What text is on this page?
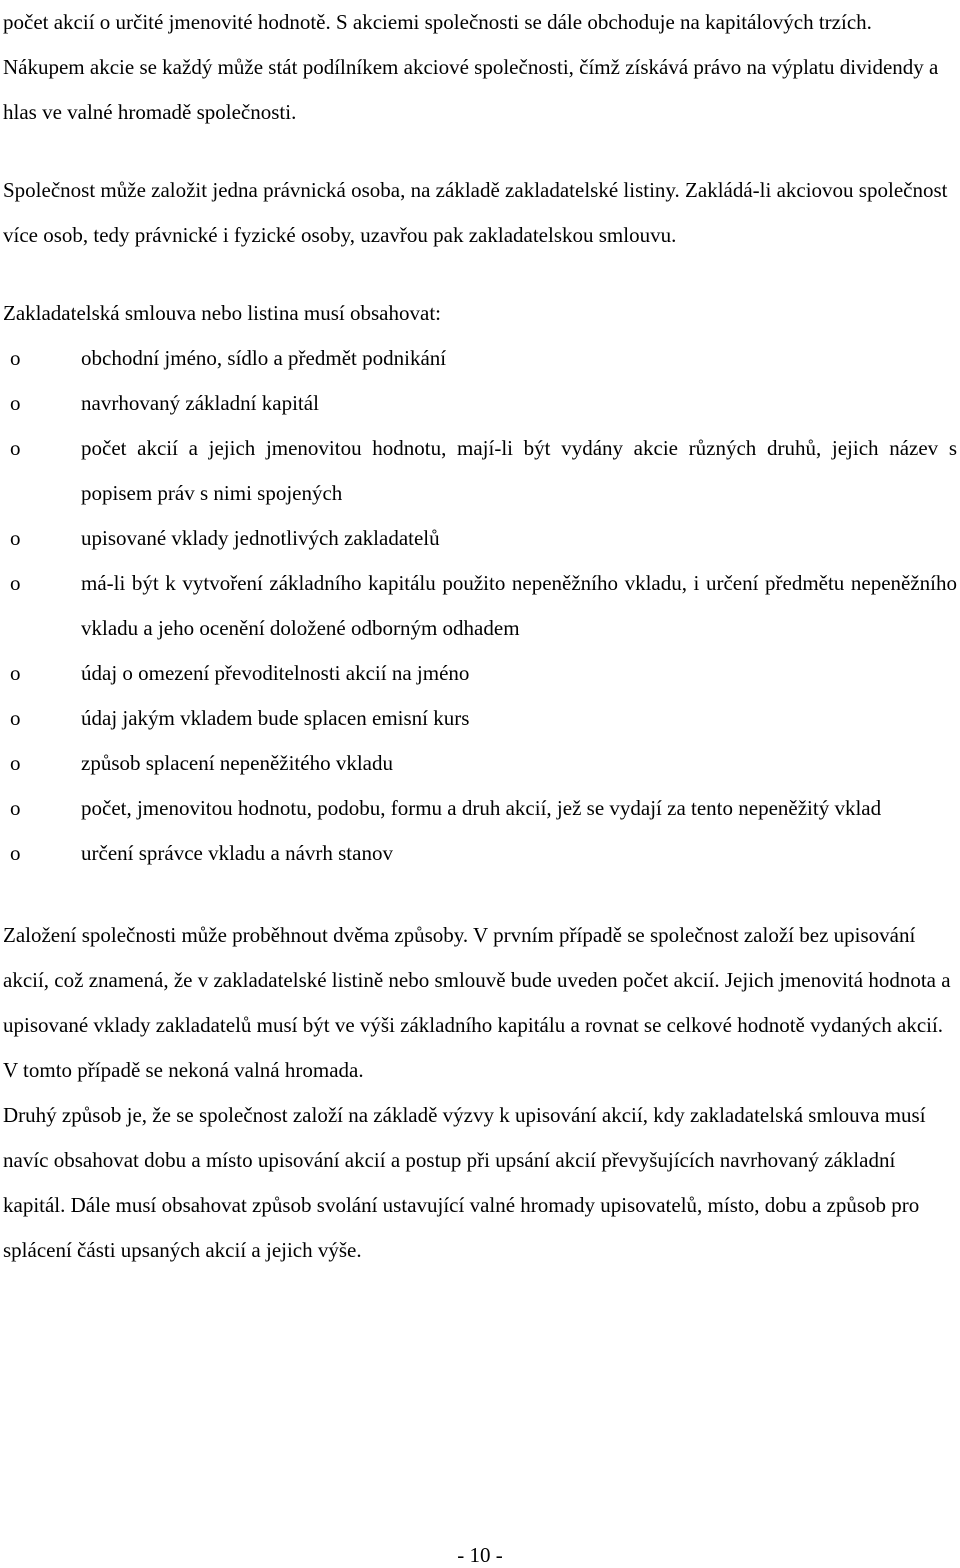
počet akcií o určité jmenovité hodnotě. S akciemi společnosti se dále obchoduje na kapitálových trzích. Nákupem akcie se každý může stát podílníkem akciové společnosti, čímž získává právo na výplatu dividendy a hlas ve valné hromadě společnosti.

Společnost může založit jedna právnická osoba, na základě zakladatelské listiny. Zakládá-li akciovou společnost více osob, tedy právnické i fyzické osoby, uzavřou pak zakladatelskou smlouvu.

Zakladatelská smlouva nebo listina musí obsahovat:

o	obchodní jméno, sídlo a předmět podnikání
o	navrhovaný základní kapitál
o	počet akcií a jejich jmenovitou hodnotu, mají-li být vydány akcie různých druhů, jejich název s popisem práv s nimi spojených
o	upisované vklady jednotlivých zakladatelů
o	má-li být k vytvoření základního kapitálu použito nepeněžního vkladu, i určení předmětu nepeněžního vkladu a jeho ocenění doložené odborným odhadem
o	údaj o omezení převoditelnosti akcií na jméno
o	údaj jakým vkladem bude splacen emisní kurs
o	způsob splacení nepeněžitého vkladu
o	počet, jmenovitou hodnotu, podobu, formu a druh akcií, jež se vydají za tento nepeněžitý vklad
o	určení správce vkladu a návrh stanov

Založení společnosti může proběhnout dvěma způsoby. V prvním případě se společnost založí bez upisování akcií, což znamená, že v zakladatelské listině nebo smlouvě bude uveden počet akcií. Jejich jmenovitá hodnota a upisované vklady zakladatelů musí být ve výši základního kapitálu a rovnat se celkové hodnotě vydaných akcií. V tomto případě se nekoná valná hromada.

Druhý způsob je, že se společnost založí na základě výzvy k upisování akcií, kdy zakladatelská smlouva musí navíc obsahovat dobu a místo upisování akcií a postup při upsání akcií převyšujících navrhovaný základní kapitál. Dále musí obsahovat způsob svolání ustavující valné hromady upisovatelů, místo, dobu a způsob pro splácení části upsaných akcií a jejich výše.

- 10 -
